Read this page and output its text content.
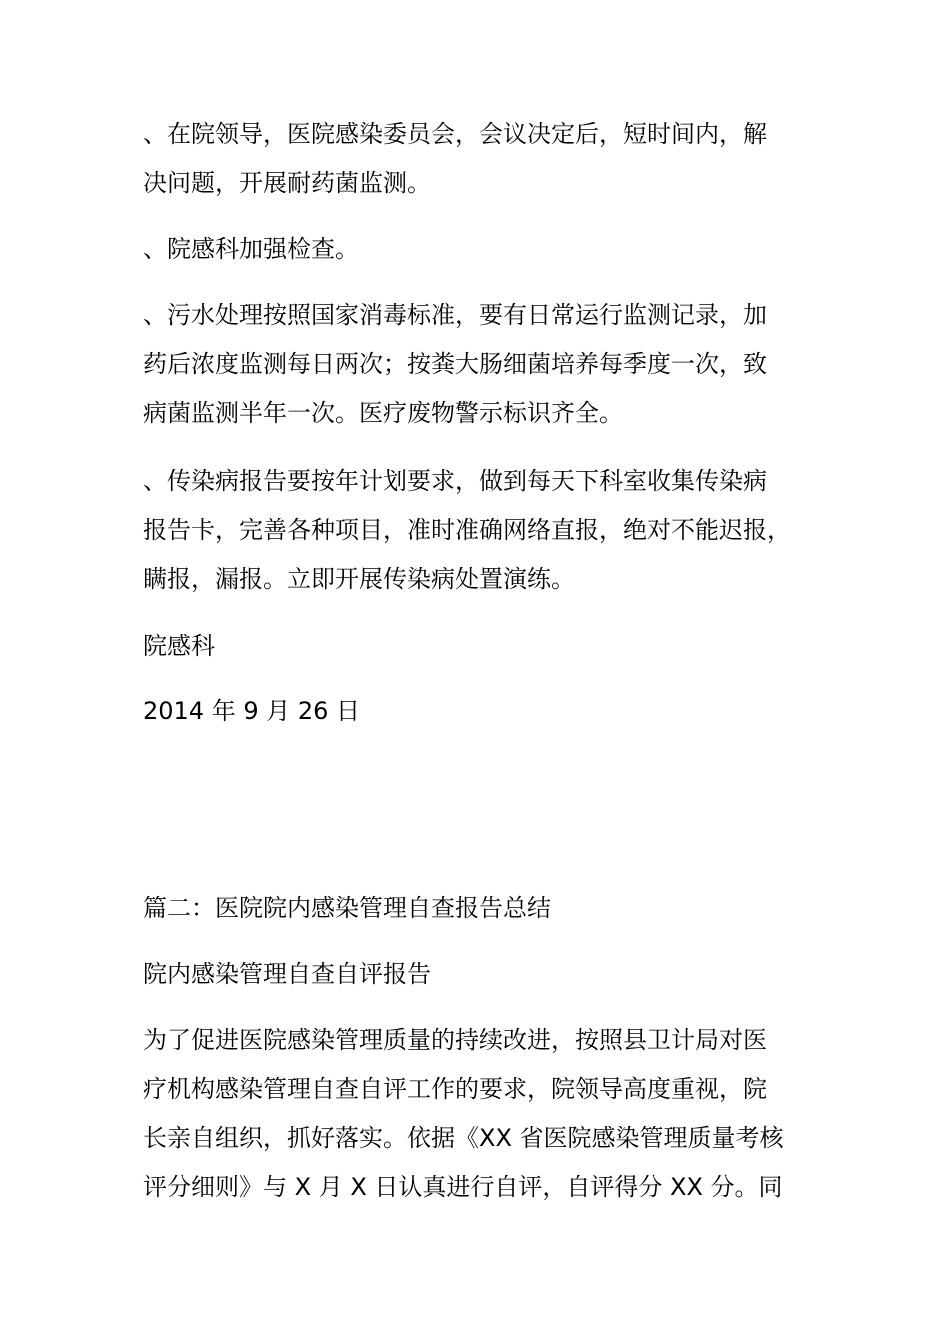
、在院领导，医院感染委员会，会议决定后，短时间内，解
决问题，开展耐药菌监测。
、院感科加强检查。
、污水处理按照国家消毒标准，要有日常运行监测记录，加
药后浓度监测每日两次；按粪大肠细菌培养每季度一次，致
病菌监测半年一次。医疗废物警示标识齐全。
、传染病报告要按年计划要求，做到每天下科室收集传染病
报告卡，完善各种项目，准时准确网络直报，绝对不能迟报，
瞒报，漏报。立即开展传染病处置演练。
院感科
2014 年 9 月 26 日
篇二：医院院内感染管理自查报告总结
院内感染管理自查自评报告
为了促进医院感染管理质量的持续改进，按照县卫计局对医
疗机构感染管理自查自评工作的要求，院领导高度重视，院
长亲自组织，抓好落实。依据《XX 省医院感染管理质量考核
评分细则》与 X 月 X 日认真进行自评，自评得分 XX 分。同
